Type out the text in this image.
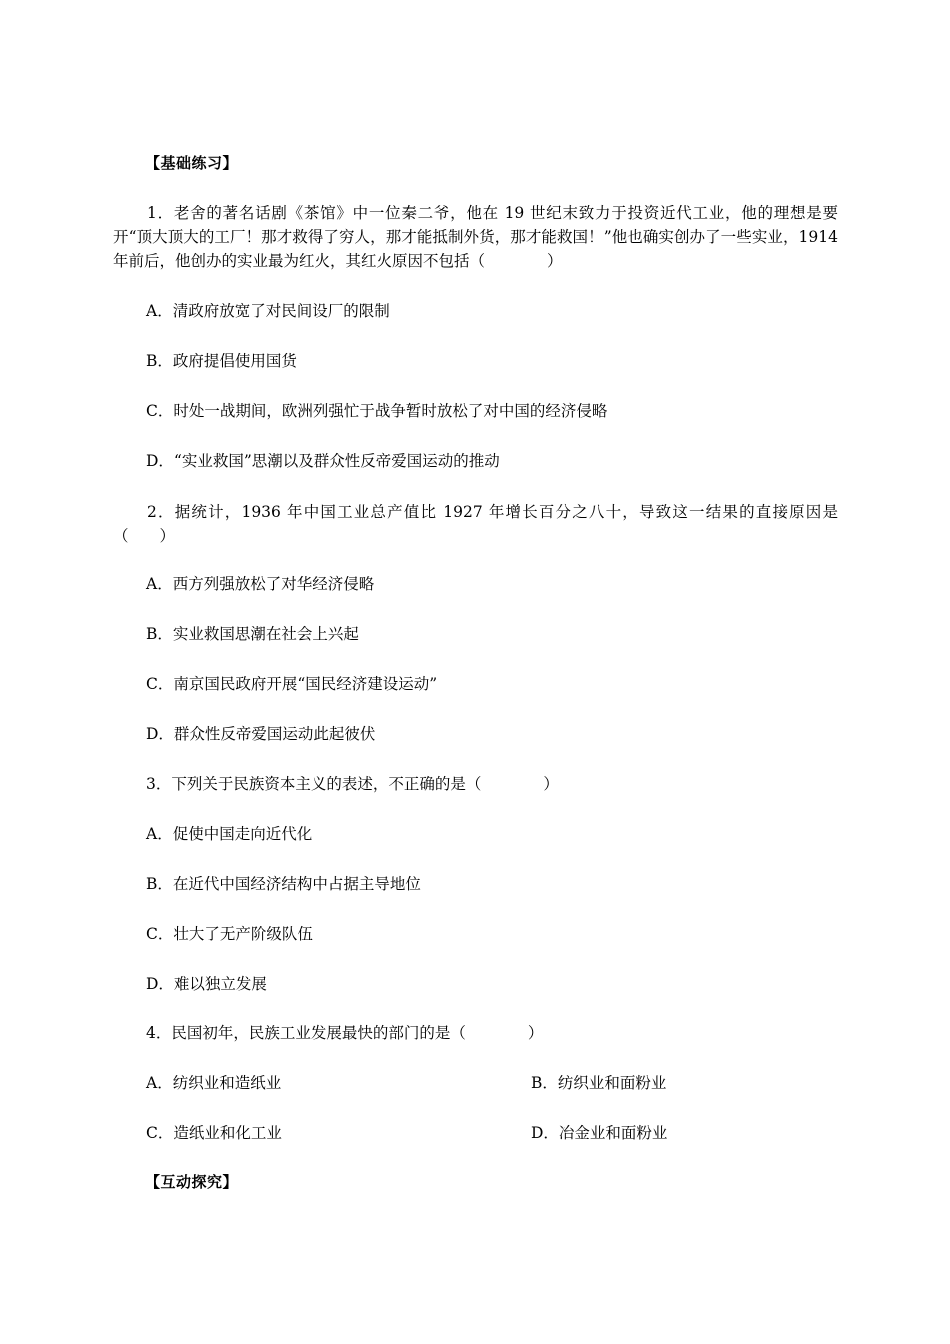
【基础练习】
1．老舍的著名话剧《茶馆》中一位秦二爷，他在 19 世纪末致力于投资近代工业，他的理想是要开“顶大顶大的工厂！那才救得了穷人，那才能抵制外货，那才能救国！”他也确实创办了一些实业，1914 年前后，他创办的实业最为红火，其红火原因不包括（　　　　）
A．清政府放宽了对民间设厂的限制
B．政府提倡使用国货
C．时处一战期间，欧洲列强忙于战争暂时放松了对中国的经济侵略
D．“实业救国”思潮以及群众性反帝爱国运动的推动
2．据统计，1936 年中国工业总产值比 1927 年增长百分之八十，导致这一结果的直接原因是（　　）
A．西方列强放松了对华经济侵略
B．实业救国思潮在社会上兴起
C．南京国民政府开展“国民经济建设运动”
D．群众性反帝爱国运动此起彼伏
3．下列关于民族资本主义的表述，不正确的是（　　　　）
A．促使中国走向近代化
B．在近代中国经济结构中占据主导地位
C．壮大了无产阶级队伍
D．难以独立发展
4．民国初年，民族工业发展最快的部门的是（　　　　）
A．纺织业和造纸业	B．纺织业和面粉业
C．造纸业和化工业	D．冶金业和面粉业
【互动探究】
